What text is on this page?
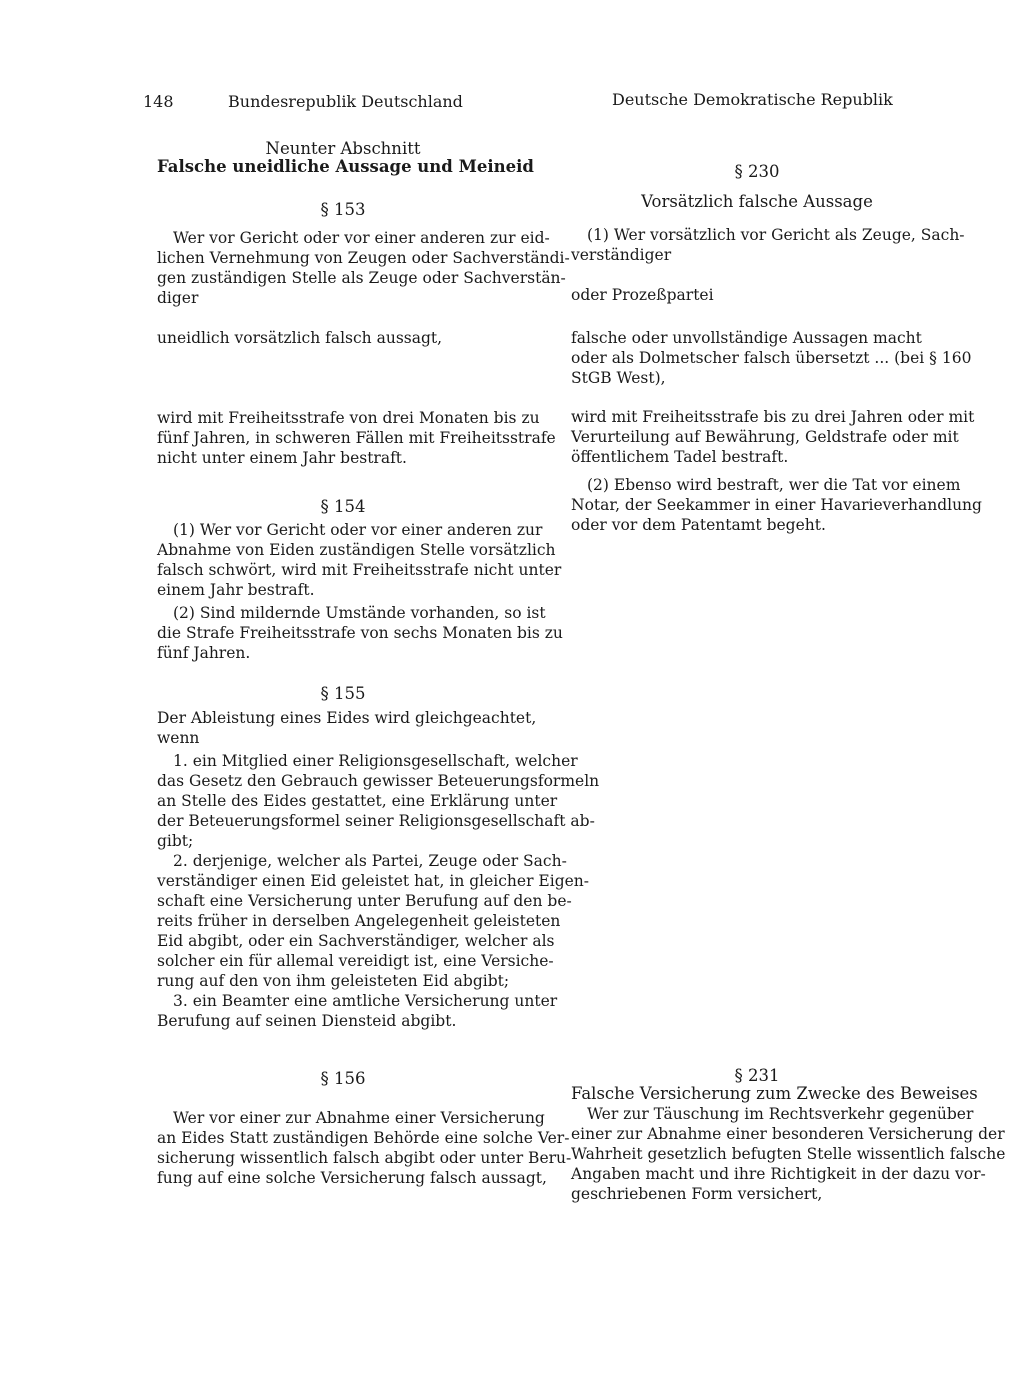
148	Bundesrepublik Deutschland	Deutsche Demokratische Republik
Neunter Abschnitt
Falsche uneidliche Aussage und Meineid
§ 153
Wer vor Gericht oder vor einer anderen zur eid-
lichen Vernehmung von Zeugen oder Sachverständi-
gen zuständigen Stelle als Zeuge oder Sachverstän-
diger
uneidlich vorsätzlich falsch aussagt,
wird mit Freiheitsstrafe von drei Monaten bis zu
fünf Jahren, in schweren Fällen mit Freiheitsstrafe
nicht unter einem Jahr bestraft.
§ 154
(1) Wer vor Gericht oder vor einer anderen zur
Abnahme von Eiden zuständigen Stelle vorsätzlich
falsch schwört, wird mit Freiheitsstrafe nicht unter
einem Jahr bestraft.
(2) Sind mildernde Umstände vorhanden, so ist
die Strafe Freiheitsstrafe von sechs Monaten bis zu
fünf Jahren.
§ 155
Der Ableistung eines Eides wird gleichgeachtet,
wenn
1. ein Mitglied einer Religionsgesellschaft, welcher
das Gesetz den Gebrauch gewisser Beteuerungsformeln
an Stelle des Eides gestattet, eine Erklärung unter
der Beteuerungsformel seiner Religionsgesellschaft ab-
gibt;
2. derjenige, welcher als Partei, Zeuge oder Sach-
verständiger einen Eid geleistet hat, in gleicher Eigen-
schaft eine Versicherung unter Berufung auf den be-
reits früher in derselben Angelegenheit geleisteten
Eid abgibt, oder ein Sachverständiger, welcher als
solcher ein für allemal vereidigt ist, eine Versiche-
rung auf den von ihm geleisteten Eid abgibt;
3. ein Beamter eine amtliche Versicherung unter
Berufung auf seinen Diensteid abgibt.
§ 156
Wer vor einer zur Abnahme einer Versicherung
an Eides Statt zuständigen Behörde eine solche Ver-
sicherung wissentlich falsch abgibt oder unter Beru-
fung auf eine solche Versicherung falsch aussagt,
§ 230
Vorsätzlich falsche Aussage
(1) Wer vorsätzlich vor Gericht als Zeuge, Sach-
verständiger
oder Prozeßpartei
falsche oder unvollständige Aussagen macht
oder als Dolmetscher falsch übersetzt ... (bei § 160
StGB West),
wird mit Freiheitsstrafe bis zu drei Jahren oder mit
Verurteilung auf Bewährung, Geldstrafe oder mit
öffentlichem Tadel bestraft.
(2) Ebenso wird bestraft, wer die Tat vor einem
Notar, der Seekammer in einer Havarieverhandlung
oder vor dem Patentamt begeht.
§ 231
Falsche Versicherung zum Zwecke des Beweises
Wer zur Täuschung im Rechtsverkehr gegenüber
einer zur Abnahme einer besonderen Versicherung der
Wahrheit gesetzlich befugten Stelle wissentlich falsche
Angaben macht und ihre Richtigkeit in der dazu vor-
geschriebenen Form versichert,
